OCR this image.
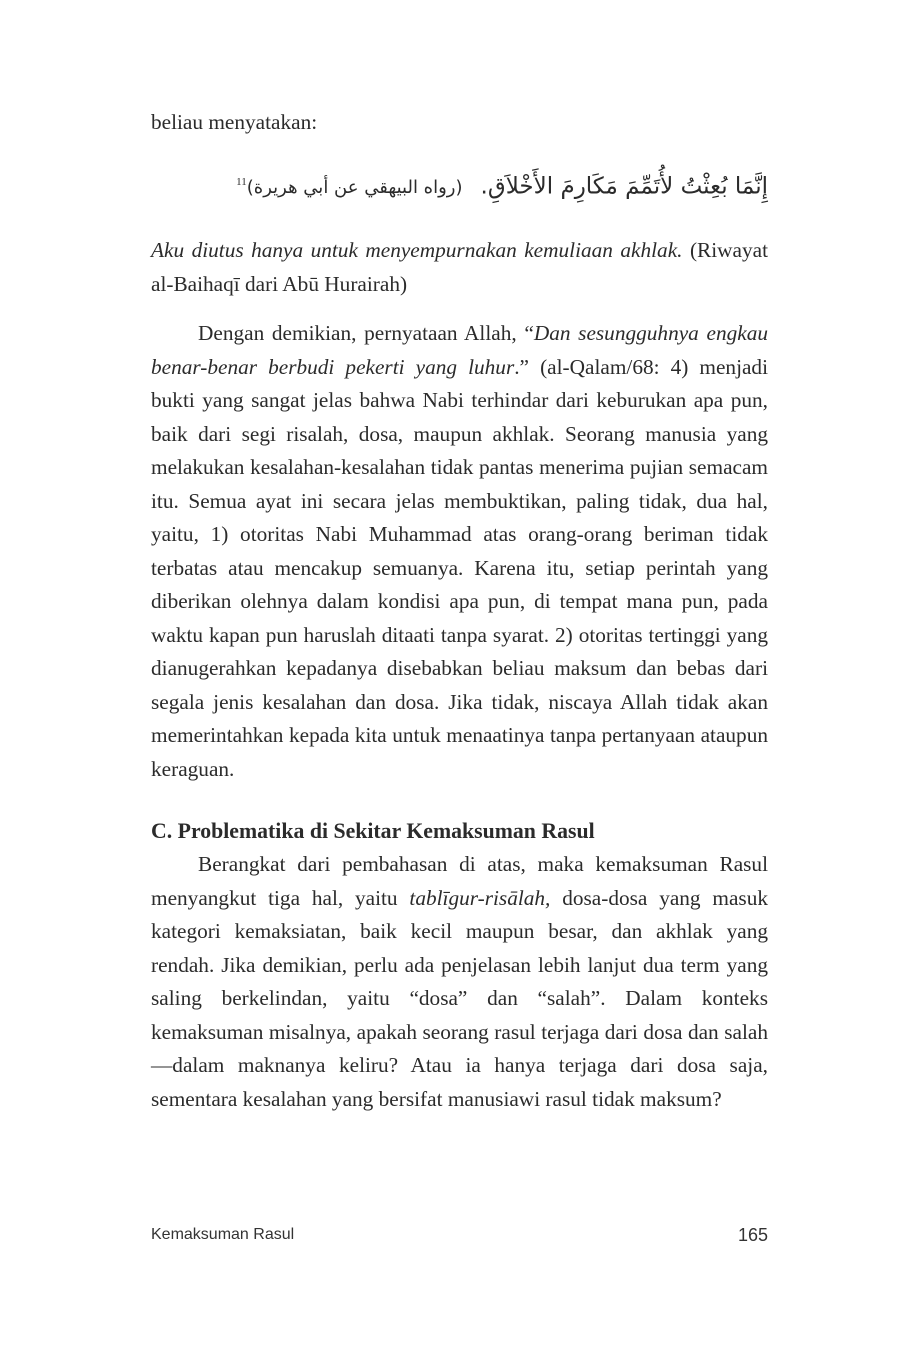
beliau menyatakan:

إِنَّمَا بُعِثْتُ لأُتَمِّمَ مَكَارِمَ الأَخْلاَقِ.(رواه البيهقي عن أبي هريرة)$^{11}$

Aku diutus hanya untuk menyempurnakan kemuliaan akhlak. (Riwayat al-Baihaqī dari Abū Hurairah)

Dengan demikian, pernyataan Allah, “Dan sesungguhnya engkau benar-benar berbudi pekerti yang luhur.” (al-Qalam/68: 4) menjadi bukti yang sangat jelas bahwa Nabi terhindar dari keburukan apa pun, baik dari segi risalah, dosa, maupun akhlak. Seorang manusia yang melakukan kesalahan-kesalahan tidak pantas menerima pujian semacam itu. Semua ayat ini secara jelas membuktikan, paling tidak, dua hal, yaitu, 1) otoritas Nabi Muhammad atas orang-orang beriman tidak terbatas atau mencakup semuanya. Karena itu, setiap perintah yang diberikan olehnya dalam kondisi apa pun, di tempat mana pun, pada waktu kapan pun haruslah ditaati tanpa syarat. 2) otoritas tertinggi yang dianugerahkan kepadanya disebabkan beliau maksum dan bebas dari segala jenis kesalahan dan dosa. Jika tidak, niscaya Allah tidak akan memerintahkan kepada kita untuk menaatinya tanpa pertanyaan ataupun keraguan.

C. Problematika di Sekitar Kemaksuman Rasul

Berangkat dari pembahasan di atas, maka kemaksuman Rasul menyangkut tiga hal, yaitu tablīgur-risālah, dosa-dosa yang masuk kategori kemaksiatan, baik kecil maupun besar, dan akhlak yang rendah. Jika demikian, perlu ada penjelasan lebih lanjut dua term yang saling berkelindan, yaitu “dosa” dan “salah”. Dalam konteks kemaksuman misalnya, apakah seorang rasul terjaga dari dosa dan salah—dalam maknanya keliru? Atau ia hanya terjaga dari dosa saja, sementara kesalahan yang bersifat manusiawi rasul tidak maksum?

Kemaksuman Rasul	165
